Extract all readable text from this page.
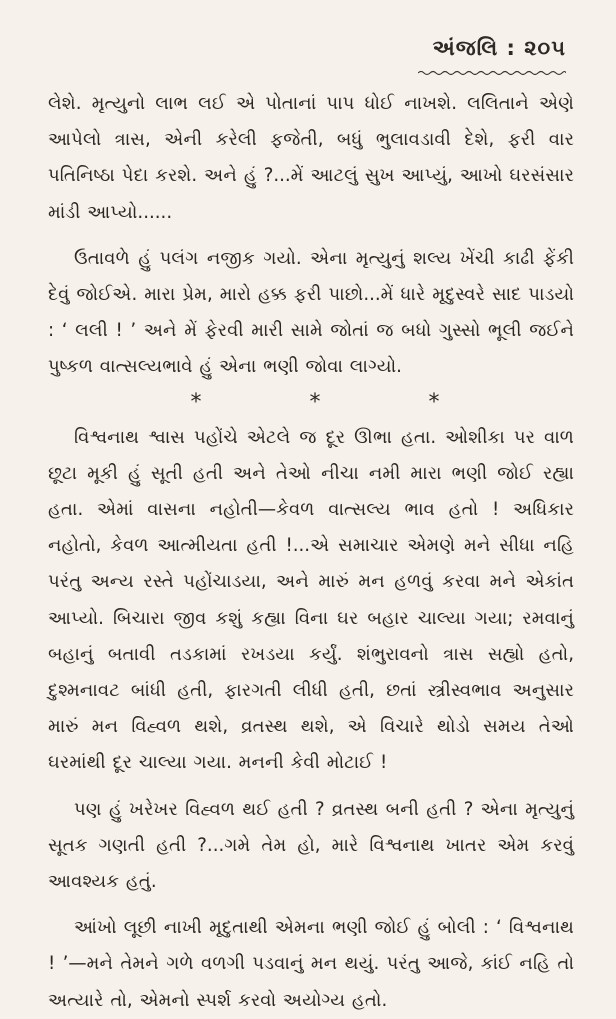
અંજલિ : ૨૦૫

લેશે. મૃત્યુનો લાભ લઈ એ પોતાનાં પાપ ધોઈ નાખશે. લલિતાને એણે આપેલો ત્રાસ, એની કરેલી ફજેતી, બધું ભુલાવડાવી દેશે, ફરી વાર પતિનિષ્ઠા પેદા કરશે. અને હું ?...મેં આટલું સુખ આપ્યું, આખો ઘરસંસાર માંડી આપ્યો......

ઉતાવળે હું પલંગ નજીક ગયો. એના મૃત્યુનું શલ્ય ખેંચી કાઢી ફેંકી દેવું જોઈએ. મારા પ્રેમ, મારો હક્ક ફરી પાછો...મેં ધારે મૃદુસ્વરે સાદ પાડયો : ‘ લલી ! ’ અને મેં ફેરવી મારી સામે જોતાં જ બધો ગુસ્સો ભૂલી જઈને પુષ્કળ વાત્સલ્યભાવે હું એના ભણી જોવા લાગ્યો.

*	*	*

વિશ્વનાથ શ્વાસ પહોંચે એટલે જ દૂર ઊભા હતા. ઓશીકા પર વાળ છૂટા મૂકી હું સૂતી હતી અને તેઓ નીચા નમી મારા ભણી જોઈ રહ્યા હતા. એમાં વાસના નહોતી—કેવળ વાત્સલ્ય ભાવ હતો ! અધિકાર નહોતો, કેવળ આત્મીયતા હતી !...એ સમાચાર એમણે મને સીધા નહિ પરંતુ અન્ય રસ્તે પહોંચાડયા, અને મારું મન હળવું કરવા મને એકાંત આપ્યો. બિચારા જીવ કશું કહ્યા વિના ઘર બહાર ચાલ્યા ગયા; રમવાનું બહાનું બતાવી તડકામાં રખડયા કર્યું. શંભુરાવનો ત્રાસ સહ્યો હતો, દુશ્મનાવટ બાંધી હતી, ફારગતી લીધી હતી, છતાં સ્ત્રીસ્વભાવ અનુસાર મારું મન વિહ્વળ થશે, વ્રતસ્થ થશે, એ વિચારે થોડો સમય તેઓ ઘરમાંથી દૂર ચાલ્યા ગયા. મનની કેવી મોટાઈ !

પણ હું ખરેખર વિહ્વળ થઈ હતી ? વ્રતસ્થ બની હતી ? એના મૃત્યુનું સૂતક ગણતી હતી ?...ગમે તેમ હો, મારે વિશ્વનાથ ખાતર એમ કરવું આવશ્યક હતું.

આંખો લૂછી નાખી મૃદુતાથી એમના ભણી જોઈ હું બોલી : ‘ વિશ્વનાથ ! ’—મને તેમને ગળે વળગી પડવાનું મન થયું. પરંતુ આજે, કાંઈ નહિ તો અત્યારે તો, એમનો સ્પર્શ કરવો અયોગ્ય હતો.
